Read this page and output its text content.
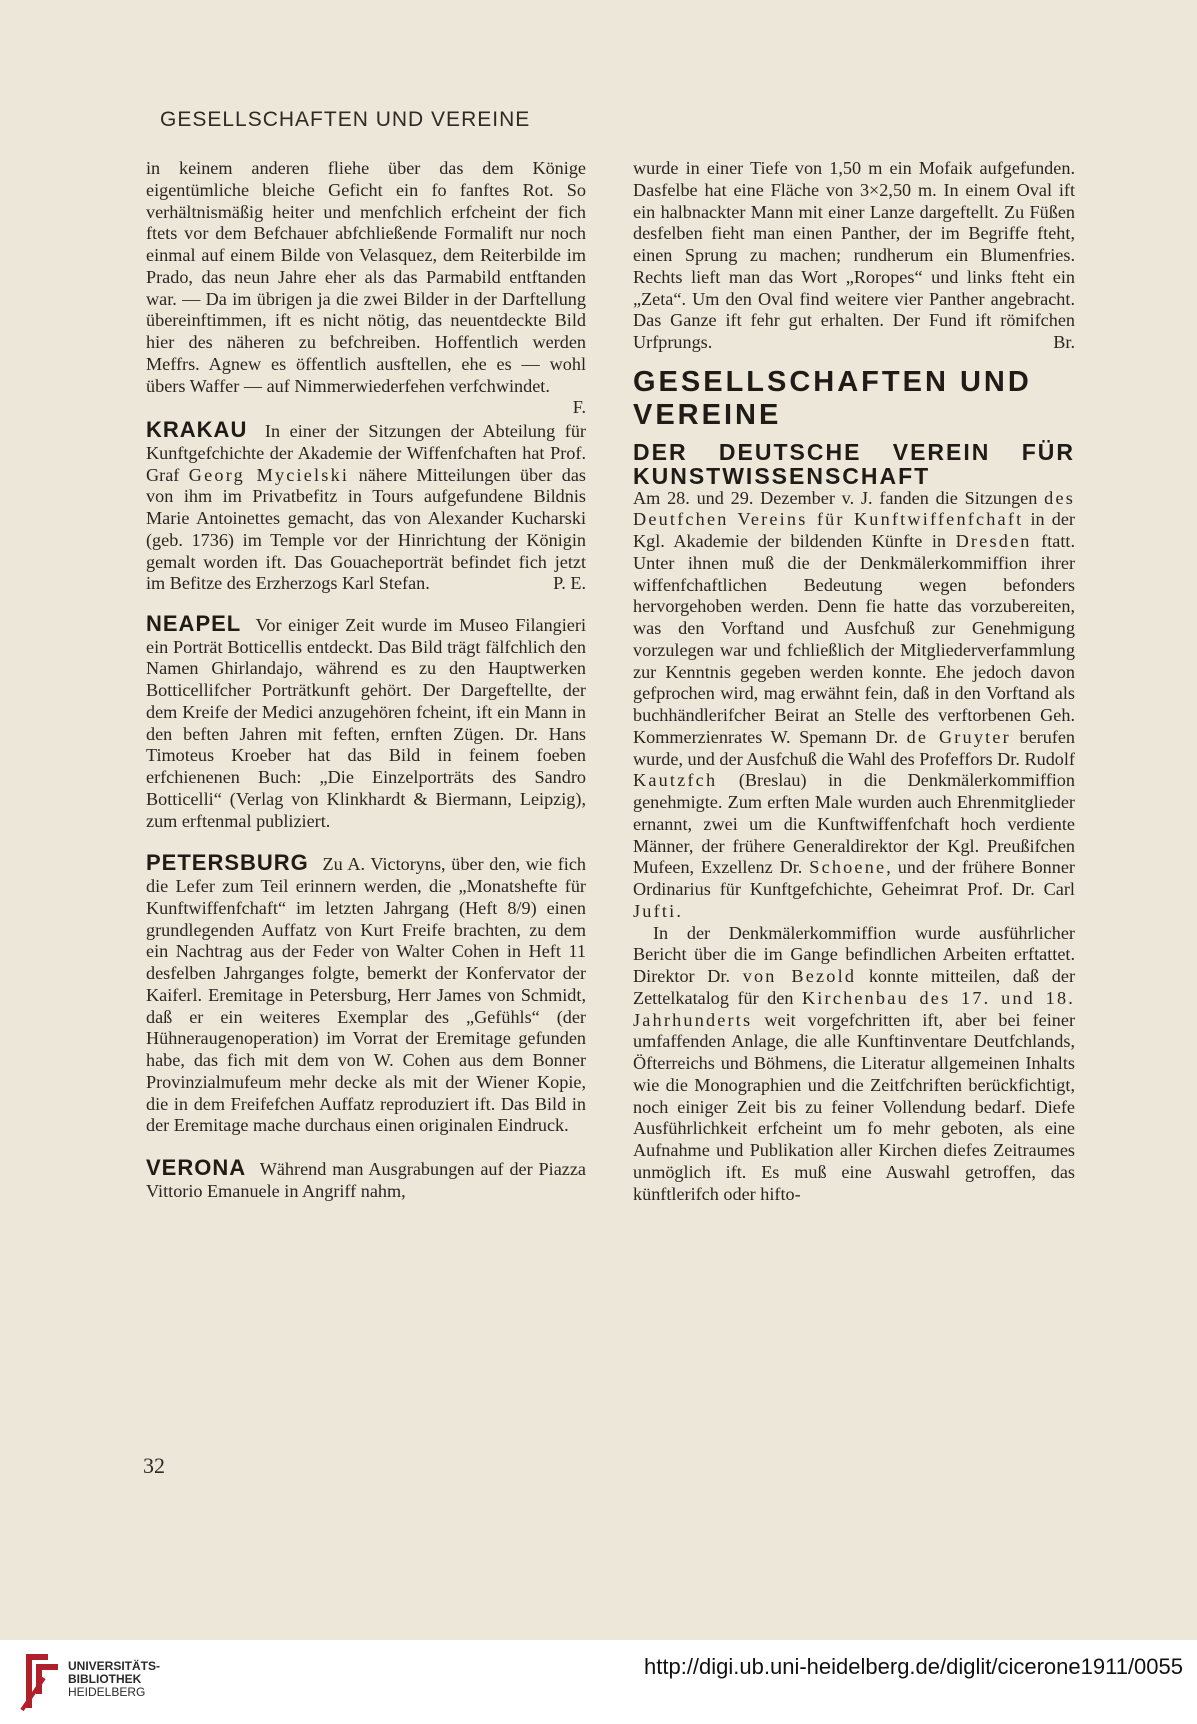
GESELLSCHAFTEN UND VEREINE

in keinem anderen fliehe über das dem Könige eigentümliche bleiche Geficht ein fo fanftes Rot. So verhältnismäßig heiter und menfchlich erfcheint der fich ftets vor dem Befchauer abfchließende Formalift nur noch einmal auf einem Bilde von Velasquez, dem Reiterbilde im Prado, das neun Jahre eher als das Parmabild entftanden war. — Da im übrigen ja die zwei Bilder in der Darftellung übereinftimmen, ift es nicht nötig, das neuentdeckte Bild hier des näheren zu befchreiben. Hoffentlich werden Meffrs. Agnew es öffentlich ausftellen, ehe es — wohl übers Waffer — auf Nimmerwiederfehen verfchwindet.

F.

KRAKAU In einer der Sitzungen der Abteilung für Kunftgefchichte der Akademie der Wiffenfchaften hat Prof. Graf Georg Mycielski nähere Mitteilungen über das von ihm im Privatbefitz in Tours aufgefundene Bildnis Marie Antoinettes gemacht, das von Alexander Kucharski (geb. 1736) im Temple vor der Hinrichtung der Königin gemalt worden ift. Das Gouacheporträt befindet fich jetzt im Befitze des Erzherzogs Karl Stefan.	P. E.

NEAPEL Vor einiger Zeit wurde im Museo Filangieri ein Porträt Botticellis entdeckt. Das Bild trägt fälfchlich den Namen Ghirlandajo, während es zu den Hauptwerken Botticellifcher Porträtkunft gehört. Der Dargeftellte, der dem Kreife der Medici anzugehören fcheint, ift ein Mann in den beften Jahren mit feften, ernften Zügen. Dr. Hans Timoteus Kroeber hat das Bild in feinem foeben erfchienenen Buch: „Die Einzelporträts des Sandro Botticelli“ (Verlag von Klinkhardt & Biermann, Leipzig), zum erftenmal publiziert.

PETERSBURG Zu A. Victoryns, über den, wie fich die Lefer zum Teil erinnern werden, die „Monatshefte für Kunftwiffenfchaft“ im letzten Jahrgang (Heft 8/9) einen grundlegenden Auffatz von Kurt Freife brachten, zu dem ein Nachtrag aus der Feder von Walter Cohen in Heft 11 desfelben Jahrganges folgte, bemerkt der Konfervator der Kaiferl. Eremitage in Petersburg, Herr James von Schmidt, daß er ein weiteres Exemplar des „Gefühls“ (der Hühneraugenoperation) im Vorrat der Eremitage gefunden habe, das fich mit dem von W. Cohen aus dem Bonner Provinzialmufeum mehr decke als mit der Wiener Kopie, die in dem Freifefchen Auffatz reproduziert ift. Das Bild in der Eremitage mache durchaus einen originalen Eindruck.

VERONA Während man Ausgrabungen auf der Piazza Vittorio Emanuele in Angriff nahm,

wurde in einer Tiefe von 1,50 m ein Mofaik aufgefunden. Dasfelbe hat eine Fläche von 3×2,50 m. In einem Oval ift ein halbnackter Mann mit einer Lanze dargeftellt. Zu Füßen desfelben fieht man einen Panther, der im Begriffe fteht, einen Sprung zu machen; rundherum ein Blumenfries. Rechts lieft man das Wort „Roropes“ und links fteht ein „Zeta“. Um den Oval find weitere vier Panther angebracht. Das Ganze ift fehr gut erhalten. Der Fund ift römifchen Urfprungs.	Br.

GESELLSCHAFTEN UND VEREINE
DER DEUTSCHE VEREIN FÜR KUNSTWISSENSCHAFT

Am 28. und 29. Dezember v. J. fanden die Sitzungen des Deutfchen Vereins für Kunftwiffenfchaft in der Kgl. Akademie der bildenden Künfte in Dresden ftatt. Unter ihnen muß die der Denkmälerkommiffion ihrer wiffenfchaftlichen Bedeutung wegen befonders hervorgehoben werden. Denn fie hatte das vorzubereiten, was den Vorftand und Ausfchuß zur Genehmigung vorzulegen war und fchließlich der Mitgliederverfammlung zur Kenntnis gegeben werden konnte. Ehe jedoch davon gefprochen wird, mag erwähnt fein, daß in den Vorftand als buchhändlerifcher Beirat an Stelle des verftorbenen Geh. Kommerzienrates W. Spemann Dr. de Gruyter berufen wurde, und der Ausfchuß die Wahl des Profeffors Dr. Rudolf Kautzfch (Breslau) in die Denkmälerkommiffion genehmigte. Zum erften Male wurden auch Ehrenmitglieder ernannt, zwei um die Kunftwiffenfchaft hoch verdiente Männer, der frühere Generaldirektor der Kgl. Preußifchen Mufeen, Exzellenz Dr. Schoene, und der frühere Bonner Ordinarius für Kunftgefchichte, Geheimrat Prof. Dr. Carl Jufti.

In der Denkmälerkommiffion wurde ausführlicher Bericht über die im Gange befindlichen Arbeiten erftattet. Direktor Dr. von Bezold konnte mitteilen, daß der Zettelkatalog für den Kirchenbau des 17. und 18. Jahrhunderts weit vorgefchritten ift, aber bei feiner umfaffenden Anlage, die alle Kunftinventare Deutfchlands, Öfterreichs und Böhmens, die Literatur allgemeinen Inhalts wie die Monographien und die Zeitfchriften berückfichtigt, noch einiger Zeit bis zu feiner Vollendung bedarf. Diefe Ausführlichkeit erfcheint um fo mehr geboten, als eine Aufnahme und Publikation aller Kirchen diefes Zeitraumes unmöglich ift. Es muß eine Auswahl getroffen, das künftlerifch oder hifto-

32
UNIVERSITÄTS-
BIBLIOTHEK
HEIDELBERG
http://digi.ub.uni-heidelberg.de/diglit/cicerone1911/0055
